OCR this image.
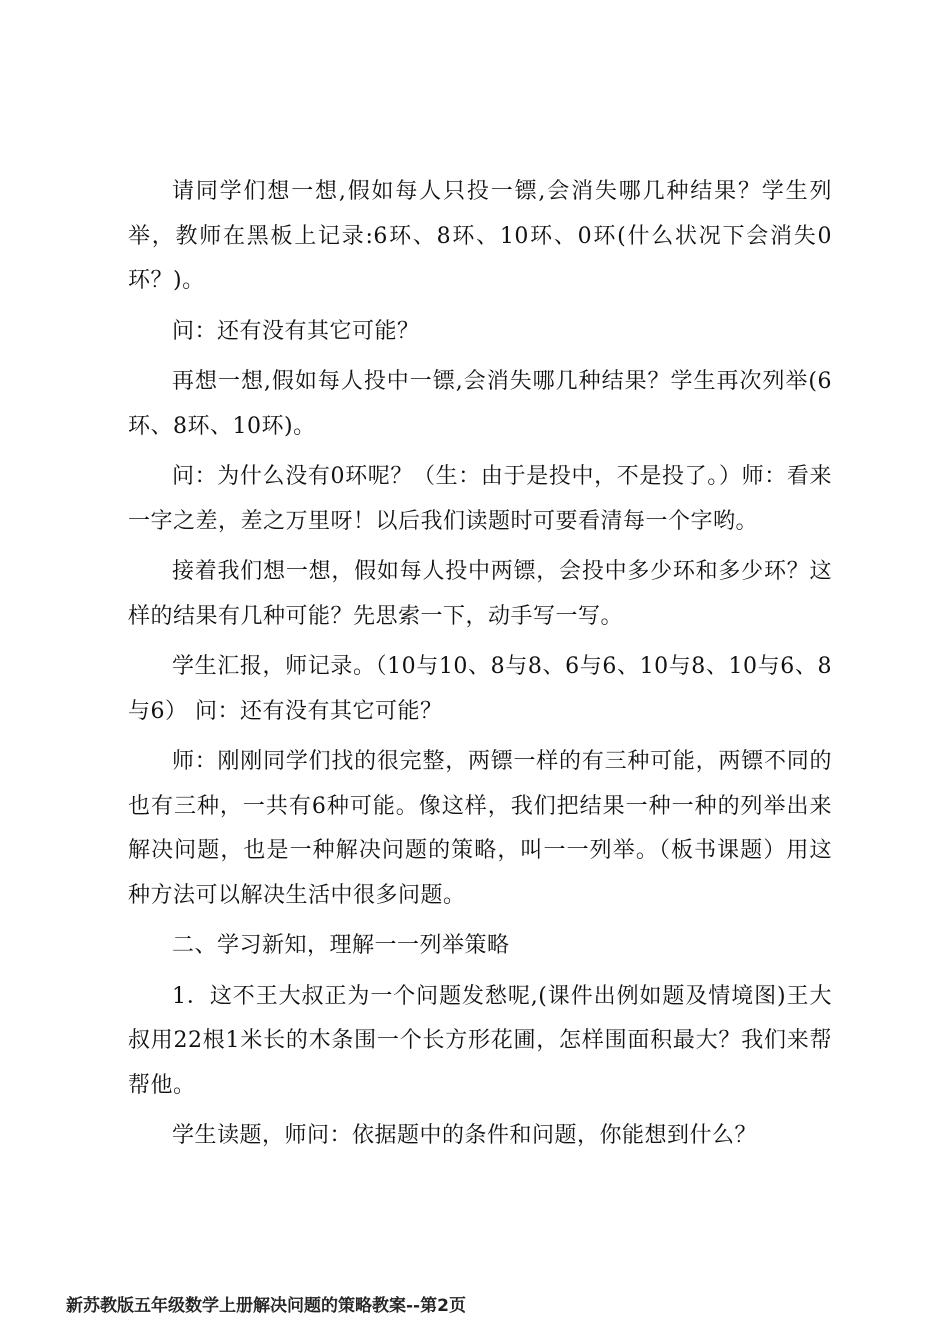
请同学们想一想,假如每人只投一镖,会消失哪几种结果？学生列举，教师在黑板上记录:6环、8环、10环、0环(什么状况下会消失0环？)。

问：还有没有其它可能？

再想一想,假如每人投中一镖,会消失哪几种结果？学生再次列举(6环、8环、10环)。

问：为什么没有0环呢？（生：由于是投中，不是投了。）师：看来一字之差，差之万里呀！以后我们读题时可要看清每一个字哟。

接着我们想一想，假如每人投中两镖，会投中多少环和多少环？这样的结果有几种可能？先思索一下，动手写一写。

学生汇报，师记录。（10与10、8与8、6与6、10与8、10与6、8与6） 问：还有没有其它可能？

师：刚刚同学们找的很完整，两镖一样的有三种可能，两镖不同的也有三种，一共有6种可能。像这样，我们把结果一种一种的列举出来解决问题，也是一种解决问题的策略，叫一一列举。（板书课题）用这种方法可以解决生活中很多问题。

二、学习新知，理解一一列举策略

1．这不王大叔正为一个问题发愁呢,(课件出例如题及情境图)王大叔用22根1米长的木条围一个长方形花圃，怎样围面积最大？我们来帮帮他。

学生读题，师问：依据题中的条件和问题，你能想到什么？

新苏教版五年级数学上册解决问题的策略教案--第2页
